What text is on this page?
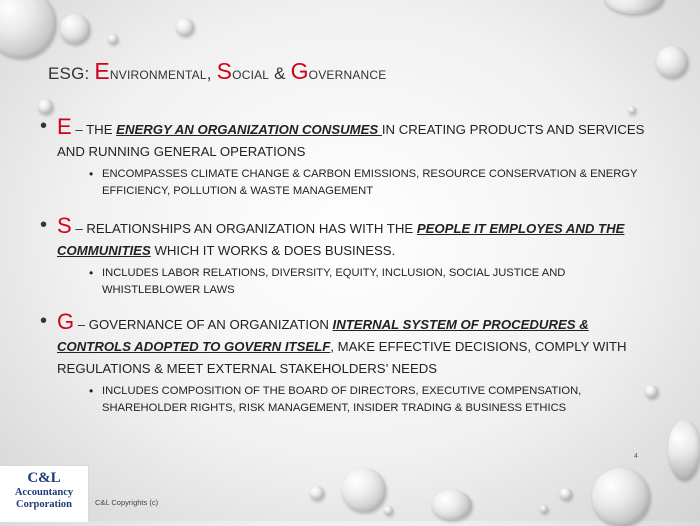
ESG: Environmental, Social & Governance
• E – THE ENERGY AN ORGANIZATION CONSUMES IN CREATING PRODUCTS AND SERVICES AND RUNNING GENERAL OPERATIONS
• ENCOMPASSES CLIMATE CHANGE & CARBON EMISSIONS, RESOURCE CONSERVATION & ENERGY EFFICIENCY, POLLUTION & WASTE MANAGEMENT
• S – RELATIONSHIPS AN ORGANIZATION HAS WITH THE PEOPLE IT EMPLOYES AND THE COMMUNITIES WHICH IT WORKS & DOES BUSINESS.
• INCLUDES LABOR RELATIONS, DIVERSITY, EQUITY, INCLUSION, SOCIAL JUSTICE AND WHISTLEBLOWER LAWS
• G – GOVERNANCE OF AN ORGANIZATION INTERNAL SYSTEM OF PROCEDURES & CONTROLS ADOPTED TO GOVERN ITSELF, MAKE EFFECTIVE DECISIONS, COMPLY WITH REGULATIONS & MEET EXTERNAL STAKEHOLDERS’ NEEDS
• INCLUDES COMPOSITION OF THE BOARD OF DIRECTORS, EXECUTIVE COMPENSATION, SHAREHOLDER RIGHTS, RISK MANAGEMENT, INSIDER TRADING & BUSINESS ETHICS
4
C&L
Accountancy
Corporation	C&L Copyrights (c)
